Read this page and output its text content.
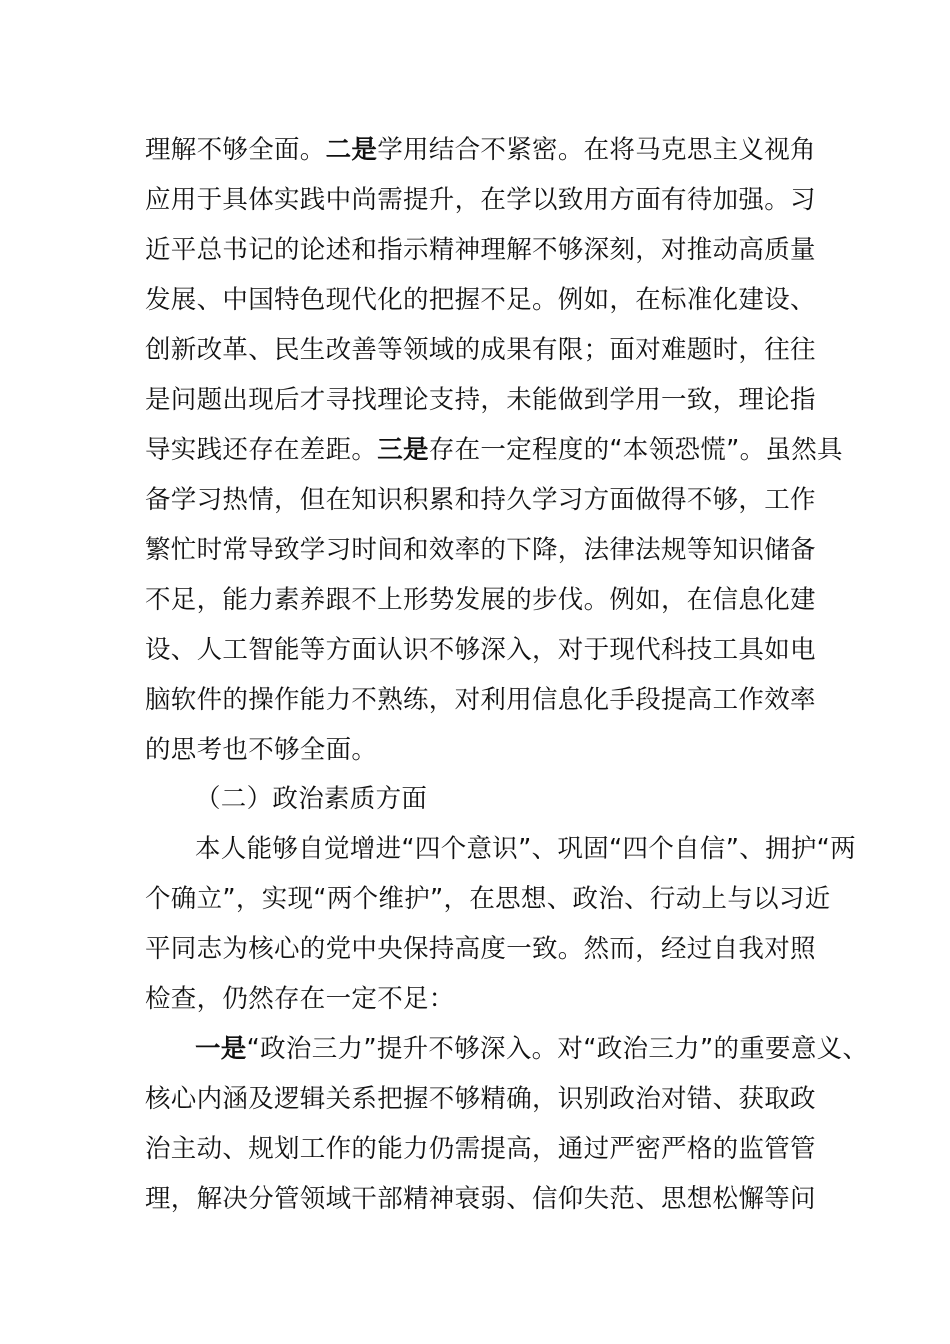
理解不够全面。二是学用结合不紧密。在将马克思主义视角
应用于具体实践中尚需提升，在学以致用方面有待加强。习
近平总书记的论述和指示精神理解不够深刻，对推动高质量
发展、中国特色现代化的把握不足。例如，在标准化建设、
创新改革、民生改善等领域的成果有限；面对难题时，往往
是问题出现后才寻找理论支持，未能做到学用一致，理论指
导实践还存在差距。三是存在一定程度的“本领恐慌”。虽然具
备学习热情，但在知识积累和持久学习方面做得不够，工作
繁忙时常导致学习时间和效率的下降，法律法规等知识储备
不足，能力素养跟不上形势发展的步伐。例如，在信息化建
设、人工智能等方面认识不够深入，对于现代科技工具如电
脑软件的操作能力不熟练，对利用信息化手段提高工作效率
的思考也不够全面。
（二）政治素质方面
本人能够自觉增进“四个意识”、巩固“四个自信”、拥护“两
个确立”，实现“两个维护”，在思想、政治、行动上与以习近
平同志为核心的党中央保持高度一致。然而，经过自我对照
检查，仍然存在一定不足：
一是“政治三力”提升不够深入。对“政治三力”的重要意义、
核心内涵及逻辑关系把握不够精确，识别政治对错、获取政
治主动、规划工作的能力仍需提高，通过严密严格的监管管
理，解决分管领域干部精神衰弱、信仰失范、思想松懈等问
